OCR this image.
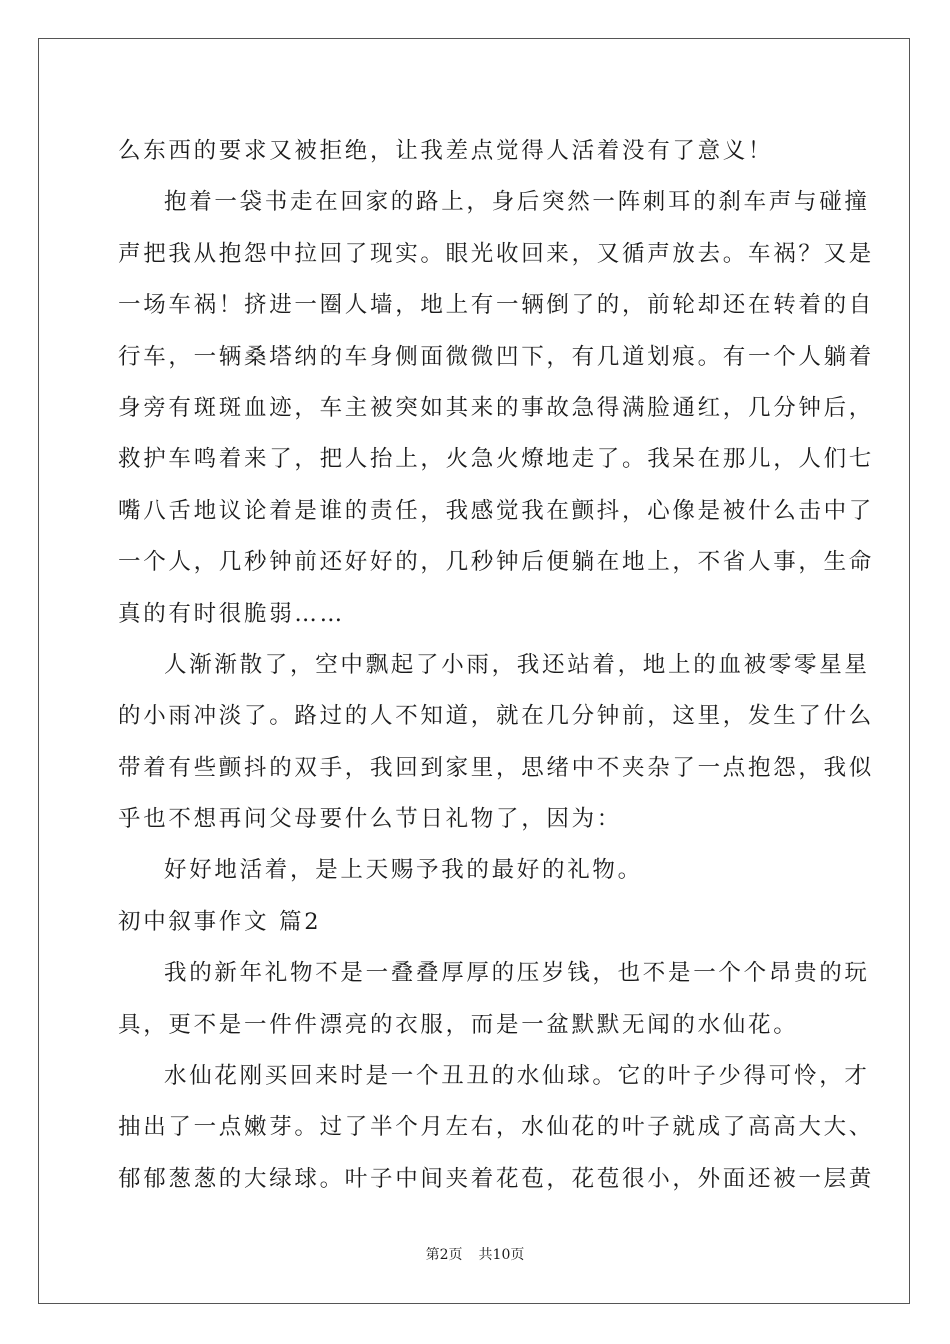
么东西的要求又被拒绝，让我差点觉得人活着没有了意义！
抱着一袋书走在回家的路上，身后突然一阵刺耳的刹车声与碰撞
声把我从抱怨中拉回了现实。眼光收回来，又循声放去。车祸？又是
一场车祸！挤进一圈人墙，地上有一辆倒了的，前轮却还在转着的自
行车，一辆桑塔纳的车身侧面微微凹下，有几道划痕。有一个人躺着
身旁有斑斑血迹，车主被突如其来的事故急得满脸通红，几分钟后，
救护车鸣着来了，把人抬上，火急火燎地走了。我呆在那儿，人们七
嘴八舌地议论着是谁的责任，我感觉我在颤抖，心像是被什么击中了
一个人，几秒钟前还好好的，几秒钟后便躺在地上，不省人事，生命
真的有时很脆弱……
人渐渐散了，空中飘起了小雨，我还站着，地上的血被零零星星
的小雨冲淡了。路过的人不知道，就在几分钟前，这里，发生了什么
带着有些颤抖的双手，我回到家里，思绪中不夹杂了一点抱怨，我似
乎也不想再问父母要什么节日礼物了，因为：
好好地活着，是上天赐予我的最好的礼物。
初中叙事作文 篇2
我的新年礼物不是一叠叠厚厚的压岁钱，也不是一个个昂贵的玩
具，更不是一件件漂亮的衣服，而是一盆默默无闻的水仙花。
水仙花刚买回来时是一个丑丑的水仙球。它的叶子少得可怜，才
抽出了一点嫩芽。过了半个月左右，水仙花的叶子就成了高高大大、
郁郁葱葱的大绿球。叶子中间夹着花苞，花苞很小，外面还被一层黄
第2页 共10页
